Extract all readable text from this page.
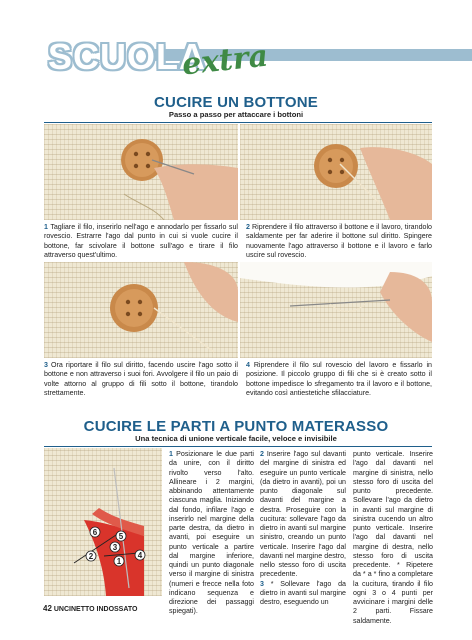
SCUOLA
extra
CUCIRE UN BOTTONE
Passo a passo per attaccare i bottoni
1 Tagliare il filo, inserirlo nell'ago e annodarlo per fissarlo sul rovescio. Estrarre l'ago dal punto in cui si vuole cucire il bottone, far scivolare il bottone sull'ago e tirare il filo attraverso quest'ultimo.
2 Riprendere il filo attraverso il bottone e il lavoro, tirandolo saldamente per far aderire il bottone sul diritto. Spingere nuovamente l'ago attraverso il bottone e il lavoro e farlo uscire sul rovescio.
3 Ora riportare il filo sul diritto, facendo uscire l'ago sotto il bottone e non attraverso i suoi fori. Avvolgere il filo un paio di volte attorno al gruppo di fili sotto il bottone, tirandolo strettamente.
4 Riprendere il filo sul rovescio del lavoro e fissarlo in posizione. Il piccolo gruppo di fili che si è creato sotto il bottone impedisce lo sfregamento tra il lavoro e il bottone, evitando così antiestetiche sfilacciature.
CUCIRE LE PARTI A PUNTO MATERASSO
Una tecnica di unione verticale facile, veloce e invisibile
6	5
3
4
2
1
1 Posizionare le due parti da unire, con il diritto rivolto verso l'alto. Allineare i 2 margini, abbinando attentamente ciascuna maglia. Iniziando dal fondo, infilare l'ago e inserirlo nel margine della parte destra, da dietro in avanti, poi eseguire un punto verticale a partire dal margine inferiore, quindi un punto diagonale verso il margine di sinistra (numeri e frecce nella foto indicano sequenza e direzione dei passaggi spiegati).
2 Inserire l'ago sul davanti del margine di sinistra ed eseguire un punto verticale (da dietro in avanti), poi un punto diagonale sul davanti del margine a destra. Proseguire con la cucitura: sollevare l'ago da dietro in avanti sul margine sinistro, creando un punto verticale. Inserire l'ago dal davanti nel margine destro, nello stesso foro di uscita precedente.
3 * Sollevare l'ago da dietro in avanti sul margine destro, eseguendo un
punto verticale. Inserire l'ago dal davanti nel margine di sinistra, nello stesso foro di uscita del punto precedente. Sollevare l'ago da dietro in avanti sul margine di sinistra cucendo un altro punto verticale. Inserire l'ago dal davanti nel margine di destra, nello stesso foro di uscita precedente. * Ripetere da * a * fino a completare la cucitura, tirando il filo ogni 3 o 4 punti per avvicinare i margini delle 2 parti. Fissare saldamente.
42 UNCINETTO INDOSSATO
